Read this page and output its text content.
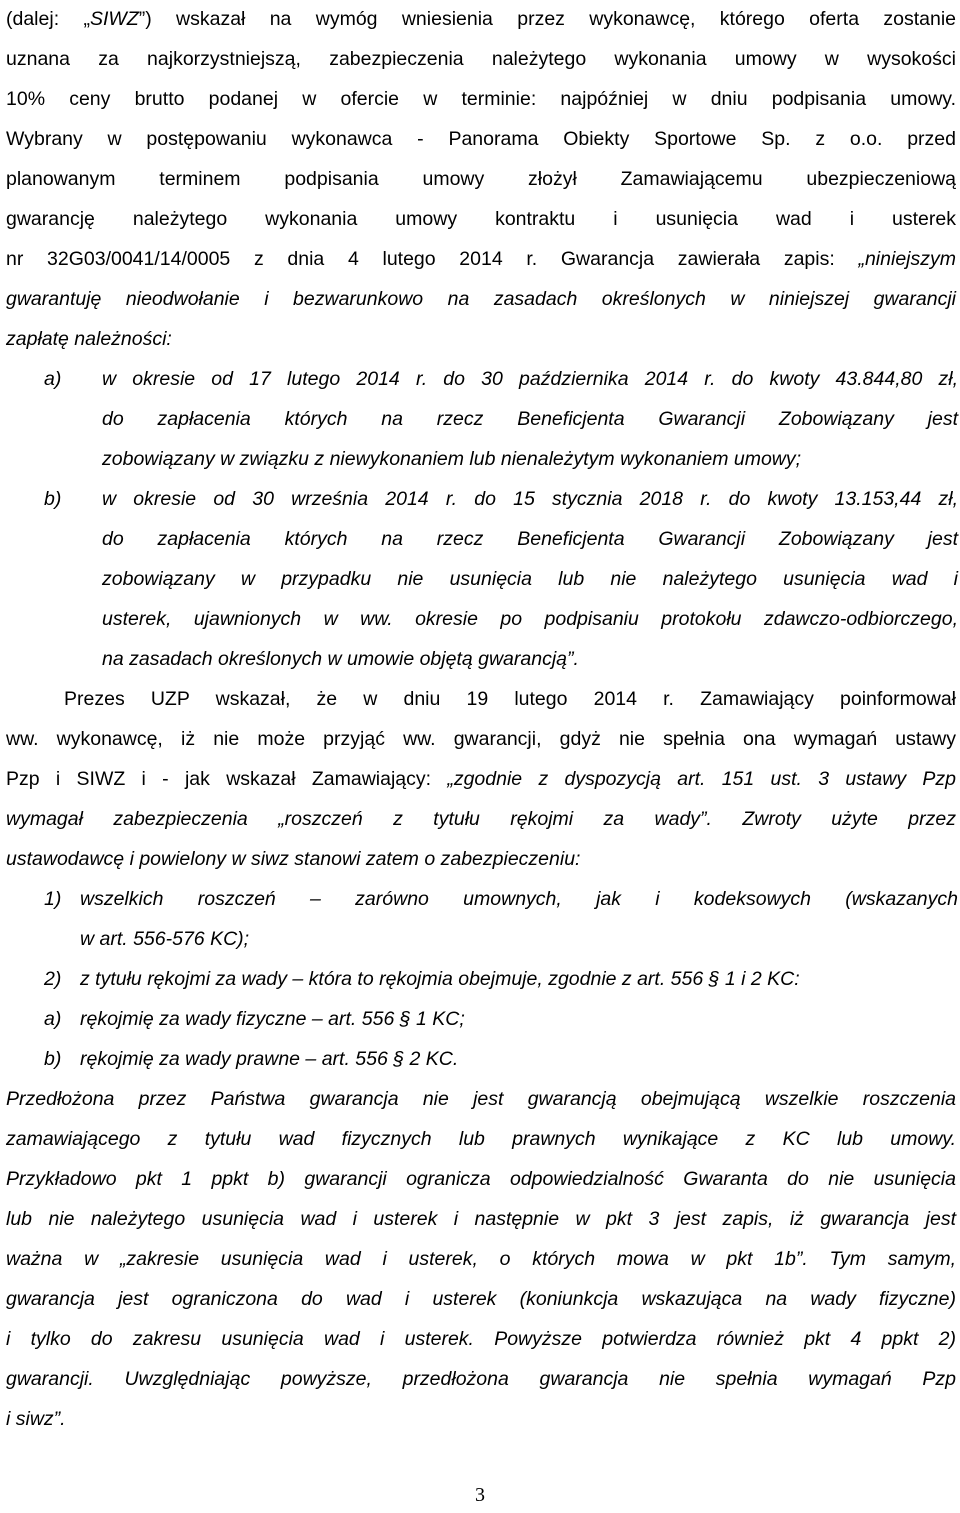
(dalej: „SIWZ”) wskazał na wymóg wniesienia przez wykonawcę, którego oferta zostanie
uznana za najkorzystniejszą, zabezpieczenia należytego wykonania umowy w wysokości
10% ceny brutto podanej w ofercie w terminie: najpóźniej w dniu podpisania umowy.
Wybrany w postępowaniu wykonawca - Panorama Obiekty Sportowe Sp. z o.o. przed
planowanym terminem podpisania umowy złożył Zamawiającemu ubezpieczeniową
gwarancję należytego wykonania umowy kontraktu i usunięcia wad i usterek
nr 32G03/0041/14/0005 z dnia 4 lutego 2014 r. Gwarancja zawierała zapis: „niniejszym
gwarantuję nieodwołanie i bezwarunkowo na zasadach określonych w niniejszej gwarancji
zapłatę należności:
a)	w okresie od 17 lutego 2014 r. do 30 października 2014 r. do kwoty 43.844,80 zł,
do zapłacenia których na rzecz Beneficjenta Gwarancji Zobowiązany jest
zobowiązany w związku z niewykonaniem lub nienależytym wykonaniem umowy;
b)	w okresie od 30 września 2014 r. do 15 stycznia 2018 r. do kwoty 13.153,44 zł,
do zapłacenia których na rzecz Beneficjenta Gwarancji Zobowiązany jest
zobowiązany w przypadku nie usunięcia lub nie należytego usunięcia wad i
usterek, ujawnionych w ww. okresie po podpisaniu protokołu zdawczo-odbiorczego,
na zasadach określonych w umowie objętą gwarancją”.
Prezes UZP wskazał, że w dniu 19 lutego 2014 r. Zamawiający poinformował
ww. wykonawcę, iż nie może przyjąć ww. gwarancji, gdyż nie spełnia ona wymagań ustawy
Pzp i SIWZ i - jak wskazał Zamawiający: „zgodnie z dyspozycją art. 151 ust. 3 ustawy Pzp
wymagał zabezpieczenia „roszczeń z tytułu rękojmi za wady”. Zwroty użyte przez
ustawodawcę i powielony w siwz stanowi zatem o zabezpieczeniu:
1) wszelkich roszczeń – zarówno umownych, jak i kodeksowych (wskazanych
w art. 556-576 KC);
2) z tytułu rękojmi za wady – która to rękojmia obejmuje, zgodnie z art. 556 § 1 i 2 KC:
a) rękojmię za wady fizyczne – art. 556 § 1 KC;
b) rękojmię za wady prawne – art. 556 § 2 KC.
Przedłożona przez Państwa gwarancja nie jest gwarancją obejmującą wszelkie roszczenia
zamawiającego z tytułu wad fizycznych lub prawnych wynikające z KC lub umowy.
Przykładowo pkt 1 ppkt b) gwarancji ogranicza odpowiedzialność Gwaranta do nie usunięcia
lub nie należytego usunięcia wad i usterek i następnie w pkt 3 jest zapis, iż gwarancja jest
ważna w „zakresie usunięcia wad i usterek, o których mowa w pkt 1b”. Tym samym,
gwarancja jest ograniczona do wad i usterek (koniunkcja wskazująca na wady fizyczne)
i tylko do zakresu usunięcia wad i usterek. Powyższe potwierdza również pkt 4 ppkt 2)
gwarancji. Uwzględniając powyższe, przedłożona gwarancja nie spełnia wymagań Pzp
i siwz”.
3
